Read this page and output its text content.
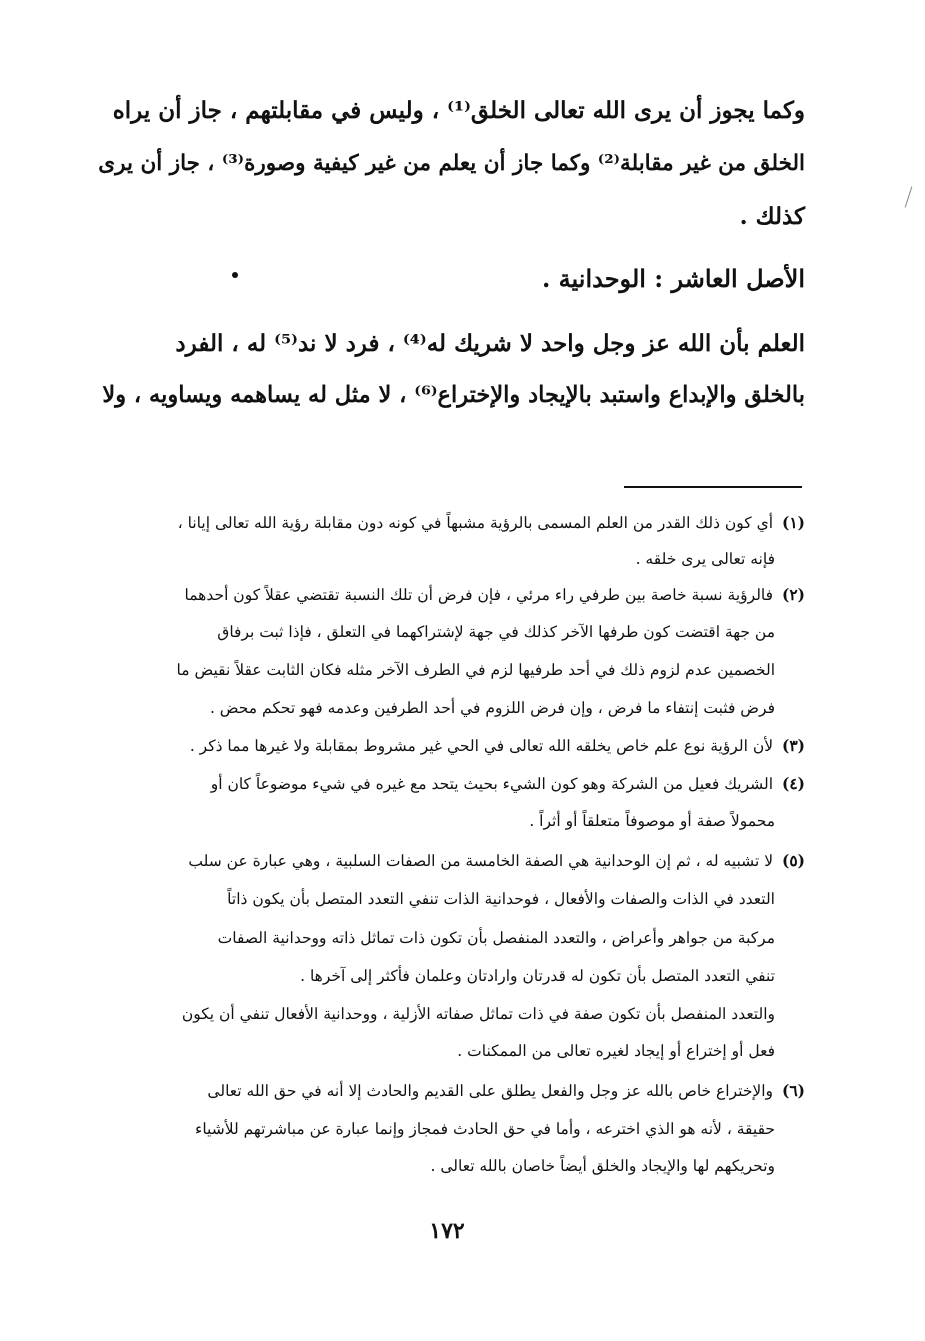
وكما يجوز أن يرى الله تعالى الخلق⁽¹⁾ ، وليس في مقابلتهم ، جاز أن يراه
الخلق من غير مقابلة⁽²⁾ وكما جاز أن يعلم من غير كيفية وصورة⁽³⁾ ، جاز أن يرى
كذلك .
الأصل العاشر : الوحدانية .
العلم بأن الله عز وجل واحد لا شريك له⁽⁴⁾ ، فرد لا ند⁽⁵⁾ له ، الفرد
بالخلق والإبداع واستبد بالإيجاد والإختراع⁽⁶⁾ ، لا مثل له يساهمه ويساويه ، ولا
(١) أي كون ذلك القدر من العلم المسمى بالرؤية مشبهاً في كونه دون مقابلة رؤية الله تعالى إيانا ،
فإنه تعالى يرى خلقه .
(٢) فالرؤية نسبة خاصة بين طرفي راء مرئي ، فإن فرض أن تلك النسبة تقتضي عقلاً كون أحدهما
من جهة اقتضت كون طرفها الآخر كذلك في جهة لإشتراكهما في التعلق ، فإذا ثبت برفاق
الخصمين عدم لزوم ذلك في أحد طرفيها لزم في الطرف الآخر مثله فكان الثابت عقلاً نقيض ما
فرض فثبت إنتفاء ما فرض ، وإن فرض اللزوم في أحد الطرفين وعدمه فهو تحكم محض .
(٣) لأن الرؤية نوع علم خاص يخلقه الله تعالى في الحي غير مشروط بمقابلة ولا غيرها مما ذكر .
(٤) الشريك فعيل من الشركة وهو كون الشيء بحيث يتحد مع غيره في شيء موضوعاً كان أو
محمولاً صفة أو موصوفاً متعلقاً أو أثراً .
(٥) لا تشبيه له ، ثم إن الوحدانية هي الصفة الخامسة من الصفات السلبية ، وهي عبارة عن سلب
التعدد في الذات والصفات والأفعال ، فوحدانية الذات تنفي التعدد المتصل بأن يكون ذاتاً
مركبة من جواهر وأعراض ، والتعدد المنفصل بأن تكون ذات تماثل ذاته ووحدانية الصفات
تنفي التعدد المتصل بأن تكون له قدرتان وارادتان وعلمان فأكثر إلى آخرها .
والتعدد المنفصل بأن تكون صفة في ذات تماثل صفاته الأزلية ، ووحدانية الأفعال تنفي أن يكون
فعل أو إختراع أو إيجاد لغيره تعالى من الممكنات .
(٦) والإختراع خاص بالله عز وجل والفعل يطلق على القديم والحادث إلا أنه في حق الله تعالى
حقيقة ، لأنه هو الذي اخترعه ، وأما في حق الحادث فمجاز وإنما عبارة عن مباشرتهم للأشياء
وتحريكهم لها والإيجاد والخلق أيضاً خاصان بالله تعالى .
١٧٢
